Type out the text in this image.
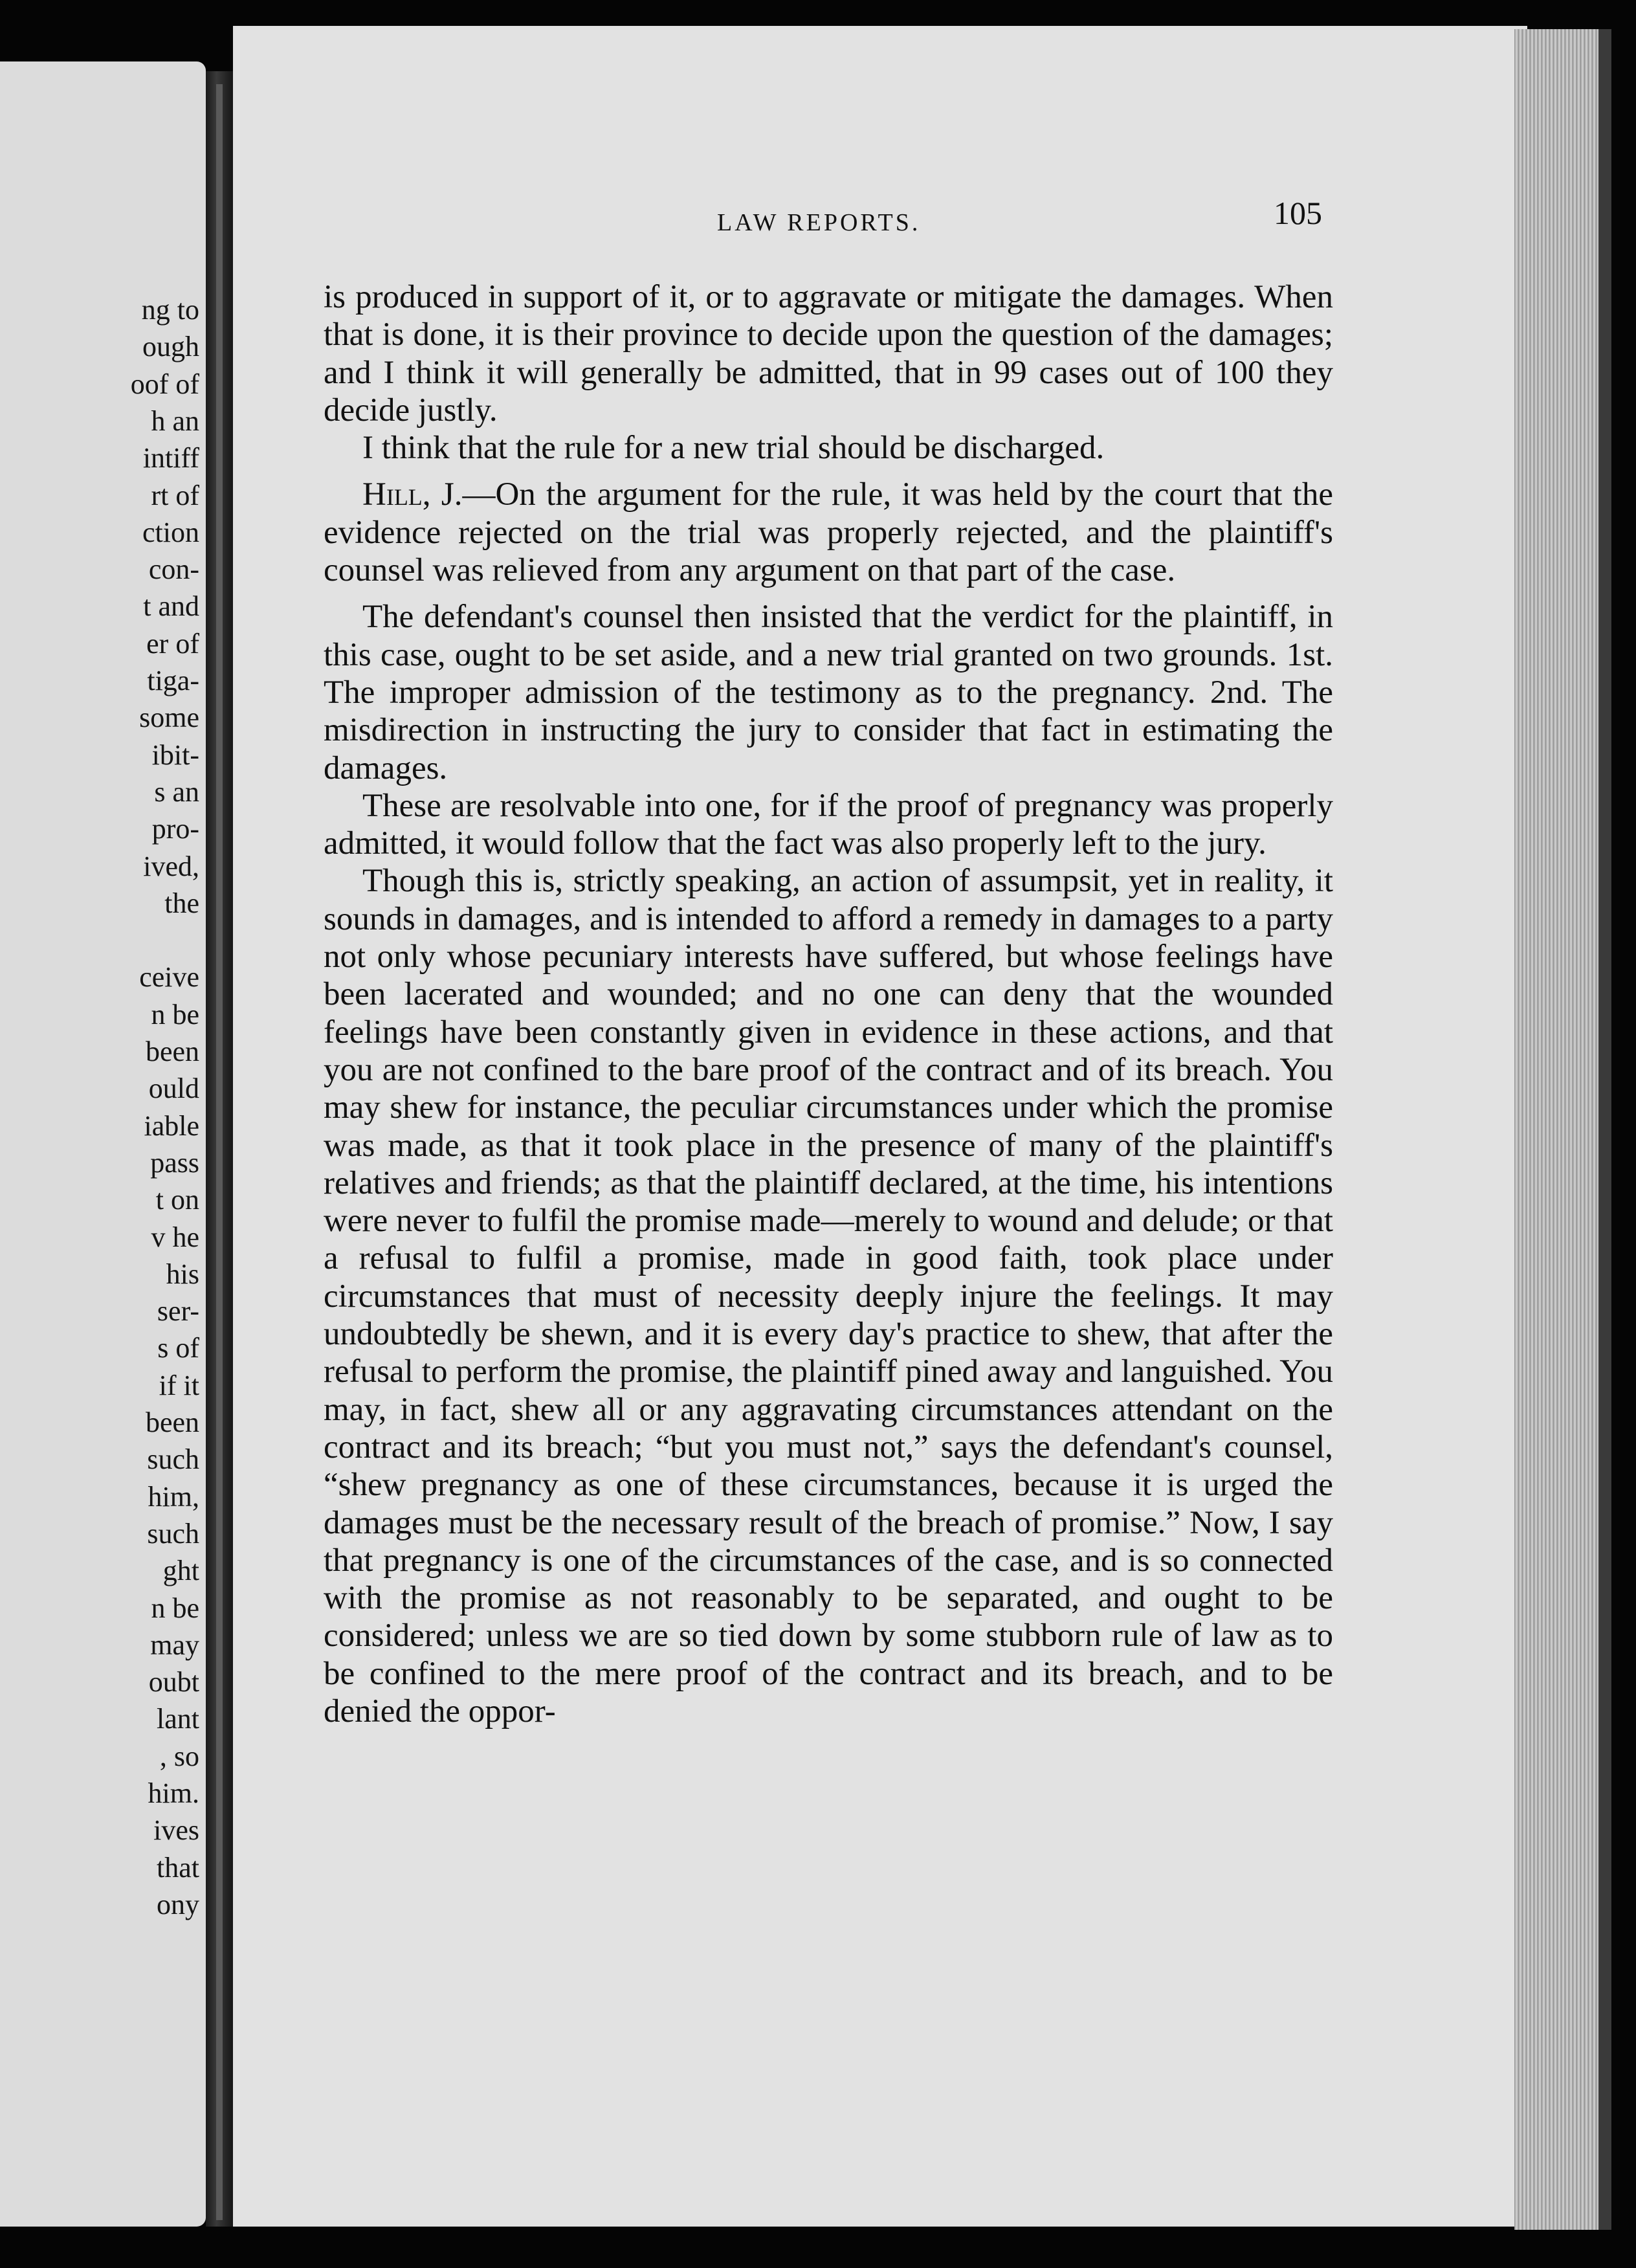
ng to

ough

oof of

h an

intiff

rt of

ction

con-

t and

er of

tiga-

some

ibit-

s an

pro-

ived,

the

ceive

n be

been

ould

iable

pass

t on

v he

his

ser-

s of

if it

been

such

him,

such

ght

n be

may

oubt

lant

, so

him.

ives

that

ony

LAW REPORTS.	105

is produced in support of it, or to aggravate or mitigate the damages. When that is done, it is their province to decide upon the question of the damages; and I think it will generally be admitted, that in 99 cases out of 100 they decide justly.

I think that the rule for a new trial should be discharged.

Hill, J.—On the argument for the rule, it was held by the court that the evidence rejected on the trial was properly rejected, and the plaintiff's counsel was relieved from any argument on that part of the case.

The defendant's counsel then insisted that the verdict for the plaintiff, in this case, ought to be set aside, and a new trial granted on two grounds. 1st. The improper admission of the testimony as to the pregnancy. 2nd. The misdirection in instructing the jury to consider that fact in estimating the damages.

These are resolvable into one, for if the proof of pregnancy was properly admitted, it would follow that the fact was also properly left to the jury.

Though this is, strictly speaking, an action of assumpsit, yet in reality, it sounds in damages, and is intended to afford a remedy in damages to a party not only whose pecuniary interests have suffered, but whose feelings have been lacerated and wounded; and no one can deny that the wounded feelings have been constantly given in evidence in these actions, and that you are not confined to the bare proof of the contract and of its breach. You may shew for instance, the peculiar circumstances under which the promise was made, as that it took place in the presence of many of the plaintiff's relatives and friends; as that the plaintiff declared, at the time, his intentions were never to fulfil the promise made—merely to wound and delude; or that a refusal to fulfil a promise, made in good faith, took place under circumstances that must of necessity deeply injure the feelings. It may undoubtedly be shewn, and it is every day's practice to shew, that after the refusal to perform the promise, the plaintiff pined away and languished. You may, in fact, shew all or any aggravating circumstances attendant on the contract and its breach; “but you must not,” says the defendant's counsel, “shew pregnancy as one of these circumstances, because it is urged the damages must be the necessary result of the breach of promise.” Now, I say that pregnancy is one of the circumstances of the case, and is so connected with the promise as not reasonably to be separated, and ought to be considered; unless we are so tied down by some stubborn rule of law as to be confined to the mere proof of the contract and its breach, and to be denied the oppor-
